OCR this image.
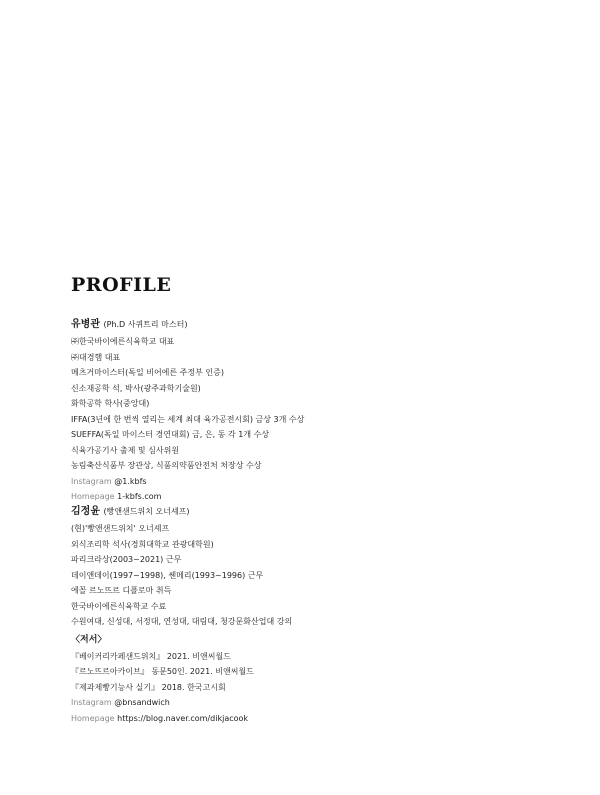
PROFILE
유병관 (Ph.D 사퀴트리 마스터)
㈜한국바이에른식육학교 대표
㈜대경햄 대표
메츠거마이스터(독일 비어에른 주정부 인증)
신소재공학 석, 박사(광주과학기술원)
화학공학 학사(중앙대)
IFFA(3년에 한 번씩 열리는 세계 최대 육가공전시회) 금상 3개 수상
SUEFFA(독일 마이스터 경연대회) 금, 은, 동 각 1개 수상
식육가공기사 출제 및 심사위원
농림축산식품부 장관상, 식품의약품안전처 처장상 수상
Instagram @1.kbfs
Homepage 1-kbfs.com
김정윤 (빵앤샌드위치 오너셰프)
(현)'빵앤샌드위치' 오너셰프
외식조리학 석사(경희대학교 관광대학원)
파리크라상(2003~2021) 근무
데이앤데이(1997~1998), 쎈메리(1993~1996) 근무
에꼴 르노뜨르 디플로마 취득
한국바이에른식육학교 수료
수원여대, 신성대, 서정대, 연성대, 대림대, 청강문화산업대 강의
〈저서〉
『베이커리카페샌드위치』 2021. 비앤씨월드
『르노뜨르아카이브』 동문50인. 2021. 비앤씨월드
『제과제빵기능사 실기』 2018. 한국고시회
Instagram @bnsandwich
Homepage https://blog.naver.com/dikjacook
